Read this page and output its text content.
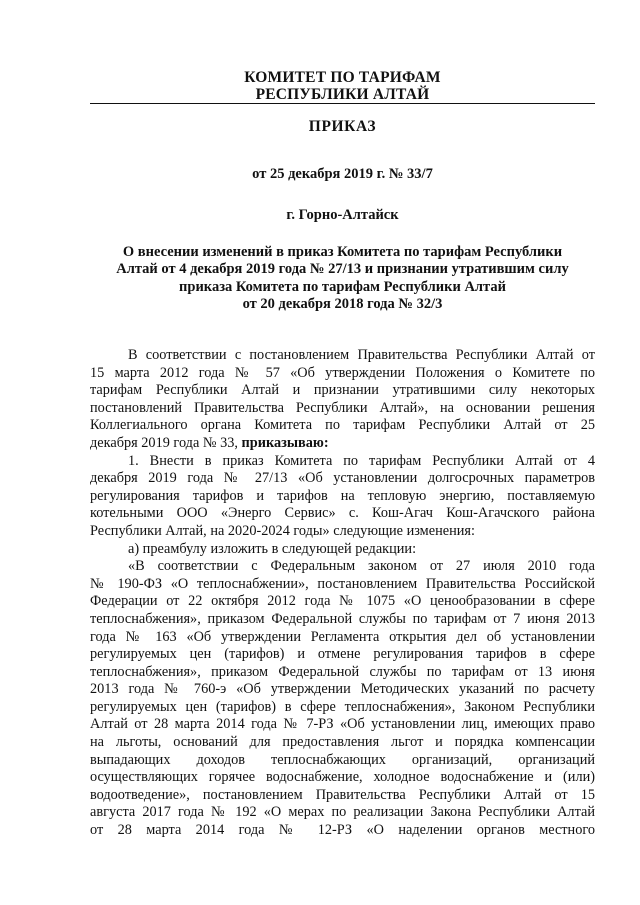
КОМИТЕТ ПО ТАРИФАМ
РЕСПУБЛИКИ АЛТАЙ
ПРИКАЗ
от 25 декабря 2019 г. № 33/7
г. Горно-Алтайск
О внесении изменений в приказ Комитета по тарифам Республики
Алтай от 4 декабря 2019 года № 27/13 и признании утратившим силу
приказа Комитета по тарифам Республики Алтай
от 20 декабря 2018 года № 32/3
В соответствии с постановлением Правительства Республики Алтай от
15 марта 2012 года № 57 «Об утверждении Положения о Комитете по
тарифам Республики Алтай и признании утратившими силу некоторых
постановлений Правительства Республики Алтай», на основании решения
Коллегиального органа Комитета по тарифам Республики Алтай от 25
декабря 2019 года № 33, приказываю:
1. Внести в приказ Комитета по тарифам Республики Алтай от 4
декабря 2019 года № 27/13 «Об установлении долгосрочных параметров
регулирования тарифов и тарифов на тепловую энергию, поставляемую
котельными ООО «Энерго Сервис» с. Кош-Агач Кош-Агачского района
Республики Алтай, на 2020-2024 годы» следующие изменения:
а) преамбулу изложить в следующей редакции:
«В соответствии с Федеральным законом от 27 июля 2010 года
№ 190-ФЗ «О теплоснабжении», постановлением Правительства Российской
Федерации от 22 октября 2012 года № 1075 «О ценообразовании в сфере
теплоснабжения», приказом Федеральной службы по тарифам от 7 июня 2013
года № 163 «Об утверждении Регламента открытия дел об установлении
регулируемых цен (тарифов) и отмене регулирования тарифов в сфере
теплоснабжения», приказом Федеральной службы по тарифам от 13 июня
2013 года № 760-э «Об утверждении Методических указаний по расчету
регулируемых цен (тарифов) в сфере теплоснабжения», Законом Республики
Алтай от 28 марта 2014 года № 7-РЗ «Об установлении лиц, имеющих право
на льготы, оснований для предоставления льгот и порядка компенсации
выпадающих доходов теплоснабжающих организаций, организаций
осуществляющих горячее водоснабжение, холодное водоснабжение и (или)
водоотведение», постановлением Правительства Республики Алтай от 15
августа 2017 года № 192 «О мерах по реализации Закона Республики Алтай
от 28 марта 2014 года № 12-РЗ «О наделении органов местного
